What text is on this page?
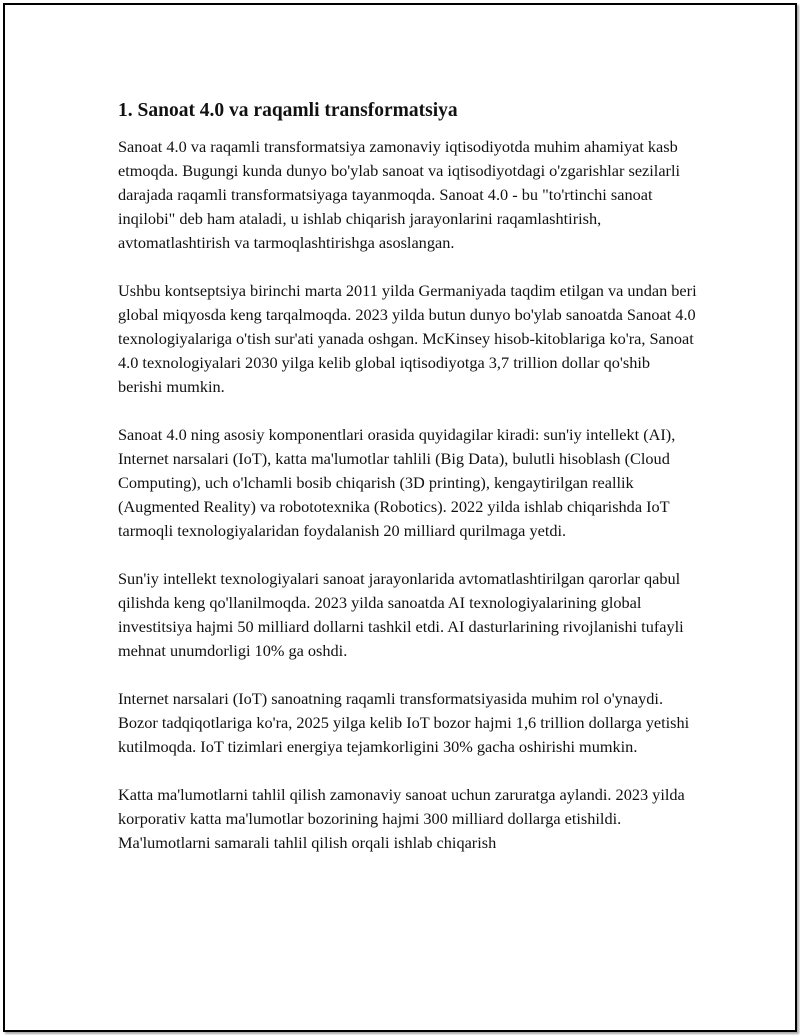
1. Sanoat 4.0 va raqamli transformatsiya

Sanoat 4.0 va raqamli transformatsiya zamonaviy iqtisodiyotda muhim ahamiyat kasb etmoqda. Bugungi kunda dunyo bo'ylab sanoat va iqtisodiyotdagi o'zgarishlar sezilarli darajada raqamli transformatsiyaga tayanmoqda. Sanoat 4.0 - bu "to'rtinchi sanoat inqilobi" deb ham ataladi, u ishlab chiqarish jarayonlarini raqamlashtirish, avtomatlashtirish va tarmoqlashtirishga asoslangan.

Ushbu kontseptsiya birinchi marta 2011 yilda Germaniyada taqdim etilgan va undan beri global miqyosda keng tarqalmoqda. 2023 yilda butun dunyo bo'ylab sanoatda Sanoat 4.0 texnologiyalariga o'tish sur'ati yanada oshgan. McKinsey hisob-kitoblariga ko'ra, Sanoat 4.0 texnologiyalari 2030 yilga kelib global iqtisodiyotga 3,7 trillion dollar qo'shib berishi mumkin.

Sanoat 4.0 ning asosiy komponentlari orasida quyidagilar kiradi: sun'iy intellekt (AI), Internet narsalari (IoT), katta ma'lumotlar tahlili (Big Data), bulutli hisoblash (Cloud Computing), uch o'lchamli bosib chiqarish (3D printing), kengaytirilgan reallik (Augmented Reality) va robototexnika (Robotics). 2022 yilda ishlab chiqarishda IoT tarmoqli texnologiyalaridan foydalanish 20 milliard qurilmaga yetdi.

Sun'iy intellekt texnologiyalari sanoat jarayonlarida avtomatlashtirilgan qarorlar qabul qilishda keng qo'llanilmoqda. 2023 yilda sanoatda AI texnologiyalarining global investitsiya hajmi 50 milliard dollarni tashkil etdi. AI dasturlarining rivojlanishi tufayli mehnat unumdorligi 10% ga oshdi.

Internet narsalari (IoT) sanoatning raqamli transformatsiyasida muhim rol o'ynaydi. Bozor tadqiqotlariga ko'ra, 2025 yilga kelib IoT bozor hajmi 1,6 trillion dollarga yetishi kutilmoqda. IoT tizimlari energiya tejamkorligini 30% gacha oshirishi mumkin.

Katta ma'lumotlarni tahlil qilish zamonaviy sanoat uchun zaruratga aylandi. 2023 yilda korporativ katta ma'lumotlar bozorining hajmi 300 milliard dollarga etishildi. Ma'lumotlarni samarali tahlil qilish orqali ishlab chiqarish
